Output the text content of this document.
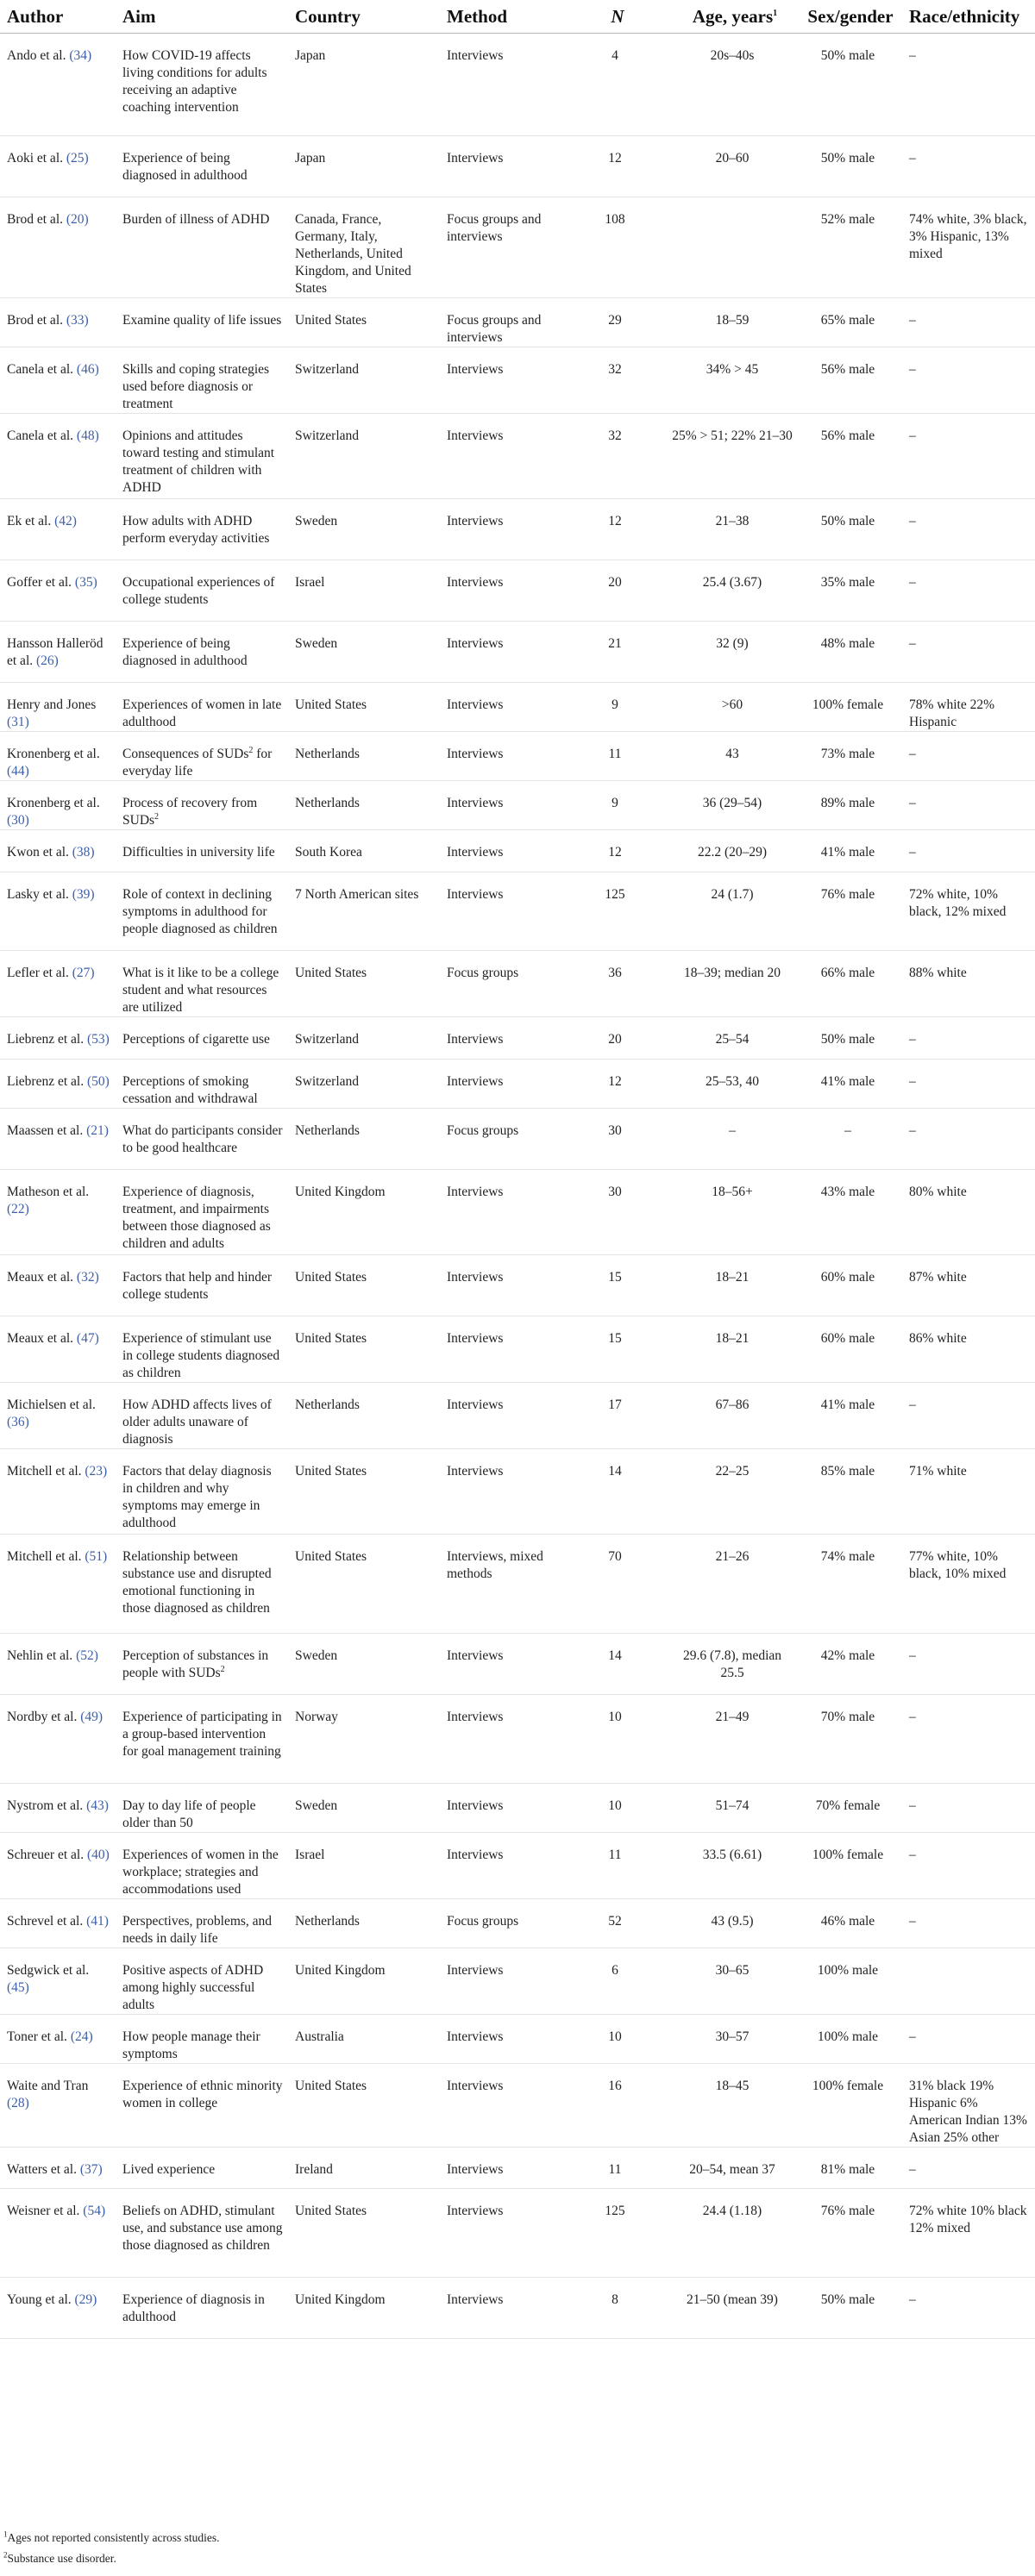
Author	Aim	Country	Method	N	Age, years$^1$	Sex/gender	Race/ethnicity

Ando et al. (34)	How COVID-19 affects living conditions for adults receiving an adaptive coaching intervention	Japan	Interviews	4	20s–40s	50% male	–

Aoki et al. (25)	Experience of being diagnosed in adulthood	Japan	Interviews	12	20–60	50% male	–

Brod et al. (20)	Burden of illness of ADHD	Canada, France, Germany, Italy, Netherlands, United Kingdom, and United States	Focus groups and interviews	108		52% male	74% white, 3% black, 3% Hispanic, 13% mixed

Brod et al. (33)	Examine quality of life issues	United States	Focus groups and interviews	29	18–59	65% male	–

Canela et al. (46)	Skills and coping strategies used before diagnosis or treatment	Switzerland	Interviews	32	34% > 45	56% male	–

Canela et al. (48)	Opinions and attitudes toward testing and stimulant treatment of children with ADHD	Switzerland	Interviews	32	25% > 51; 22% 21–30	56% male	–

Ek et al. (42)	How adults with ADHD perform everyday activities	Sweden	Interviews	12	21–38	50% male	–

Goffer et al. (35)	Occupational experiences of college students	Israel	Interviews	20	25.4 (3.67)	35% male	–

Hansson Halleröd et al. (26)	Experience of being diagnosed in adulthood	Sweden	Interviews	21	32 (9)	48% male	–

Henry and Jones (31)	Experiences of women in late adulthood	United States	Interviews	9	>60	100% female	78% white 22% Hispanic

Kronenberg et al. (44)	Consequences of SUDs$^2$ for everyday life	Netherlands	Interviews	11	43	73% male	–

Kronenberg et al. (30)	Process of recovery from SUDs$^2$	Netherlands	Interviews	9	36 (29–54)	89% male	–

Kwon et al. (38)	Difficulties in university life	South Korea	Interviews	12	22.2 (20–29)	41% male	–

Lasky et al. (39)	Role of context in declining symptoms in adulthood for people diagnosed as children	7 North American sites	Interviews	125	24 (1.7)	76% male	72% white, 10% black, 12% mixed

Lefler et al. (27)	What is it like to be a college student and what resources are utilized	United States	Focus groups	36	18–39; median 20	66% male	88% white

Liebrenz et al. (53)	Perceptions of cigarette use	Switzerland	Interviews	20	25–54	50% male	–

Liebrenz et al. (50)	Perceptions of smoking cessation and withdrawal	Switzerland	Interviews	12	25–53, 40	41% male	–

Maassen et al. (21)	What do participants consider to be good healthcare	Netherlands	Focus groups	30	–	–	–

Matheson et al. (22)	Experience of diagnosis, treatment, and impairments between those diagnosed as children and adults	United Kingdom	Interviews	30	18–56+	43% male	80% white

Meaux et al. (32)	Factors that help and hinder college students	United States	Interviews	15	18–21	60% male	87% white

Meaux et al. (47)	Experience of stimulant use in college students diagnosed as children	United States	Interviews	15	18–21	60% male	86% white

Michielsen et al. (36)	How ADHD affects lives of older adults unaware of diagnosis	Netherlands	Interviews	17	67–86	41% male	–

Mitchell et al. (23)	Factors that delay diagnosis in children and why symptoms may emerge in adulthood	United States	Interviews	14	22–25	85% male	71% white

Mitchell et al. (51)	Relationship between substance use and disrupted emotional functioning in those diagnosed as children	United States	Interviews, mixed methods	70	21–26	74% male	77% white, 10% black, 10% mixed

Nehlin et al. (52)	Perception of substances in people with SUDs$^2$	Sweden	Interviews	14	29.6 (7.8), median 25.5	42% male	–

Nordby et al. (49)	Experience of participating in a group-based intervention for goal management training	Norway	Interviews	10	21–49	70% male	–

Nystrom et al. (43)	Day to day life of people older than 50	Sweden	Interviews	10	51–74	70% female	–

Schreuer et al. (40)	Experiences of women in the workplace; strategies and accommodations used	Israel	Interviews	11	33.5 (6.61)	100% female	–

Schrevel et al. (41)	Perspectives, problems, and needs in daily life	Netherlands	Focus groups	52	43 (9.5)	46% male	–

Sedgwick et al. (45)	Positive aspects of ADHD among highly successful adults	United Kingdom	Interviews	6	30–65	100% male	

Toner et al. (24)	How people manage their symptoms	Australia	Interviews	10	30–57	100% male	–

Waite and Tran (28)	Experience of ethnic minority women in college	United States	Interviews	16	18–45	100% female	31% black 19% Hispanic 6% American Indian 13% Asian 25% other

Watters et al. (37)	Lived experience	Ireland	Interviews	11	20–54, mean 37	81% male	–

Weisner et al. (54)	Beliefs on ADHD, stimulant use, and substance use among those diagnosed as children	United States	Interviews	125	24.4 (1.18)	76% male	72% white 10% black 12% mixed

Young et al. (29)	Experience of diagnosis in adulthood	United Kingdom	Interviews	8	21–50 (mean 39)	50% male	–
$^1$Ages not reported consistently across studies.
$^2$Substance use disorder.
